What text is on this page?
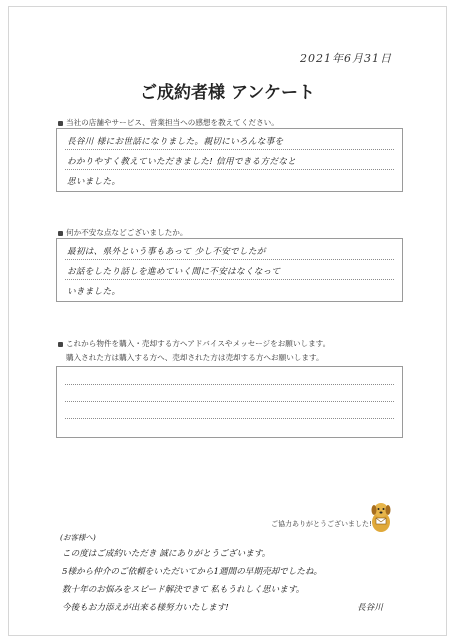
2021年6月31日
ご成約者様 アンケート
当社の店舗やサービス、営業担当への感想を教えてください。
長谷川 様にお世話になりました。親切にいろんな事を
わかりやすく教えていただきました! 信用できる方だなと
思いました。
何か不安な点などございましたか。
最初は、県外という事もあって 少し不安でしたが
お話をしたり話しを進めていく間に不安はなくなって
いきました。
これから物件を購入・売却する方へアドバイスやメッセージをお願いします。
購入された方は購入する方へ、売却された方は売却する方へお願いします。
ご協力ありがとうございました!
(お客様へ)
この度はご成約いただき 誠にありがとうございます。
5様から仲介のご依頼をいただいてから1週間の早期売却でしたね。
数十年のお悩みをスピード解決できて 私もうれしく思います。
今後もお力添えが出来る様努力いたします!	長谷川
